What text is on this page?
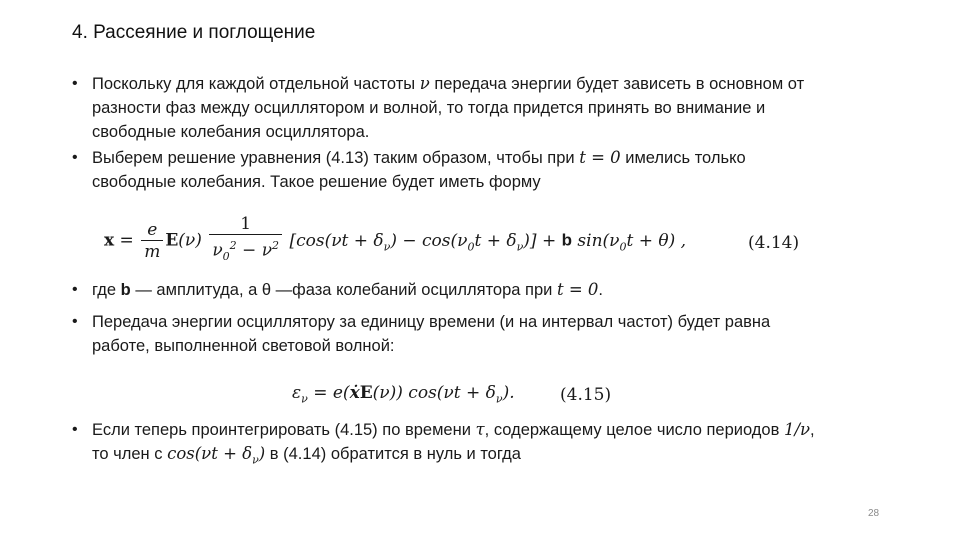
4. Рассеяние и поглощение
• Поскольку для каждой отдельной частоты ν передача энергии будет зависеть в основном от разности фаз между осциллятором и волной, то тогда придется принять во внимание и свободные колебания осциллятора.
• Выберем решение уравнения (4.13) таким образом, чтобы при t = 0 имелись только свободные колебания. Такое решение будет иметь форму
$x = \frac{e}{m} E(\nu) \frac{1}{\nu_0^2 - \nu^2} [\cos(\nu t + \delta_\nu) - \cos(\nu_0t + \delta_\nu)] + b$ $\sin(\nu_0t + \theta)$ ,	(4.14)
• где b — амплитуда, а θ —фаза колебаний осциллятора при t = 0.
• Передача энергии осциллятору за единицу времени (и на интервал частот) будет равна работе, выполненной световой волной:
$\varepsilon_\nu$ = e(ẋE(ν)) $\cos(\nu t + \delta_\nu)$.	(4.15)
• Если теперь проинтегрировать (4.15) по времени τ, содержащему целое число периодов 1/ν, то член с $\cos(\nu t + \delta_\nu)$ в (4.14) обратится в нуль и тогда
28
